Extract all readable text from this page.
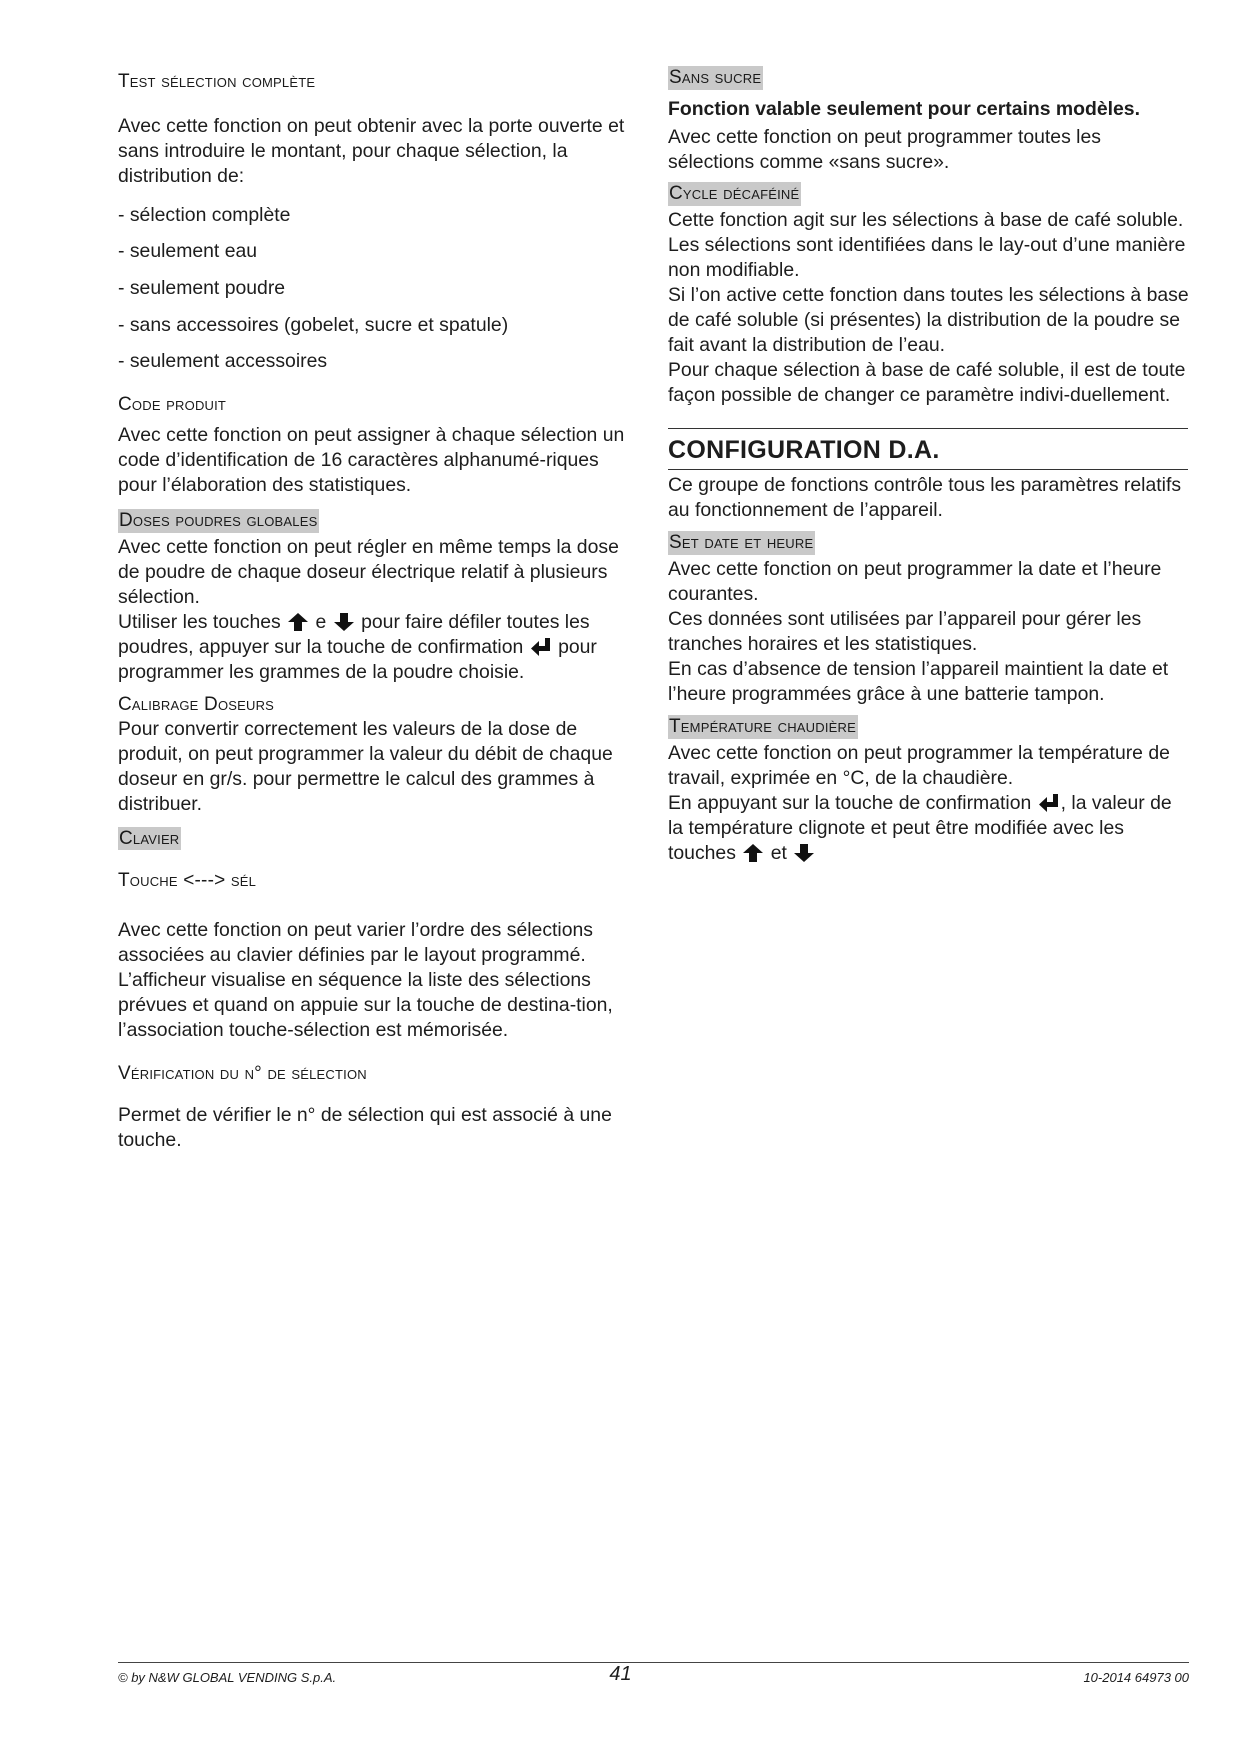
Test sélection complète

Avec cette fonction on peut obtenir avec la porte ouverte et sans introduire le montant, pour chaque sélection, la distribution de:

- sélection complète
- seulement eau
- seulement poudre
- sans accessoires (gobelet, sucre et spatule)
- seulement accessoires
Code produit

Avec cette fonction on peut assigner à chaque sélection un code d’identification de 16 caractères alphanumé-riques pour l’élaboration des statistiques.

Doses poudres globales

Avec cette fonction on peut régler en même temps la dose de poudre de chaque doseur électrique relatif à plusieurs sélection.

Utiliser les touches e pour faire défiler toutes les poudres, appuyer sur la touche de confirmation pour programmer les grammes de la poudre choisie.

Calibrage Doseurs

Pour convertir correctement les valeurs de la dose de produit, on peut programmer la valeur du débit de chaque doseur en gr/s. pour permettre le calcul des grammes à distribuer.

Clavier
Touche <---> sél

Avec cette fonction on peut varier l’ordre des sélections associées au clavier définies par le layout programmé. L’afficheur visualise en séquence la liste des sélections prévues et quand on appuie sur la touche de destina-tion, l’association touche-sélection est mémorisée.

Vérification du n° de sélection

Permet de vérifier le n° de sélection qui est associé à une touche.

Sans sucre

Fonction valable seulement pour certains modèles.

Avec cette fonction on peut programmer toutes les sélections comme «sans sucre».

Cycle décaféiné

Cette fonction agit sur les sélections à base de café soluble. Les sélections sont identifiées dans le lay-out d’une manière non modifiable.

Si l’on active cette fonction dans toutes les sélections à base de café soluble (si présentes) la distribution de la poudre se fait avant la distribution de l’eau.

Pour chaque sélection à base de café soluble, il est de toute façon possible de changer ce paramètre indivi-duellement.

CONFIGURATION D.A.

Ce groupe de fonctions contrôle tous les paramètres relatifs au fonctionnement de l’appareil.

Set date et heure

Avec cette fonction on peut programmer la date et l’heure courantes.

Ces données sont utilisées par l’appareil pour gérer les tranches horaires et les statistiques.

En cas d’absence de tension l’appareil maintient la date et l’heure programmées grâce à une batterie tampon.

Température chaudière

Avec cette fonction on peut programmer la température de travail, exprimée en °C, de la chaudière.

En appuyant sur la touche de confirmation , la valeur de la température clignote et peut être modifiée avec les touches et

© by N&W GLOBAL VENDING S.p.A.	41	10-2014 64973 00
